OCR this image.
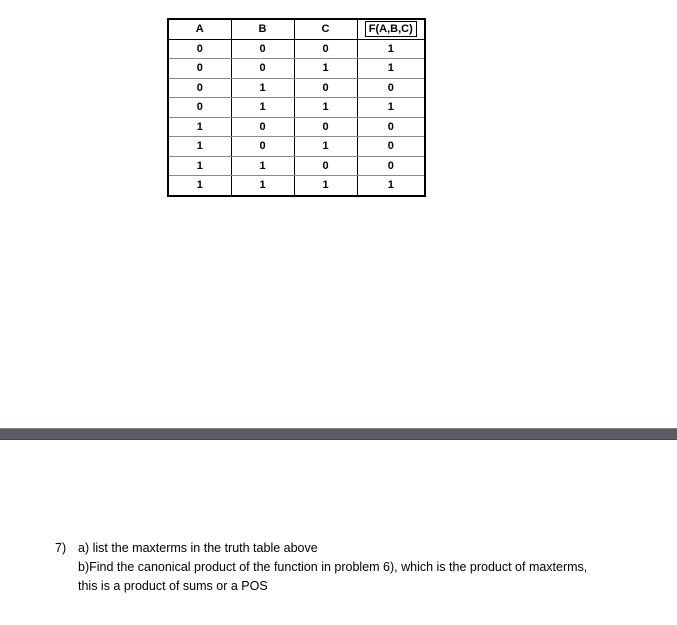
A	B	C	F(A,B,C)
0	0	0	1
0	0	1	1
0	1	0	0
0	1	1	1
1	0	0	0
1	0	1	0
1	1	0	0
1	1	1	1
7) a) list the maxterms in the truth table above
b)Find the canonical product of the function in problem 6), which is the product of maxterms,
this is a product of sums or a POS
